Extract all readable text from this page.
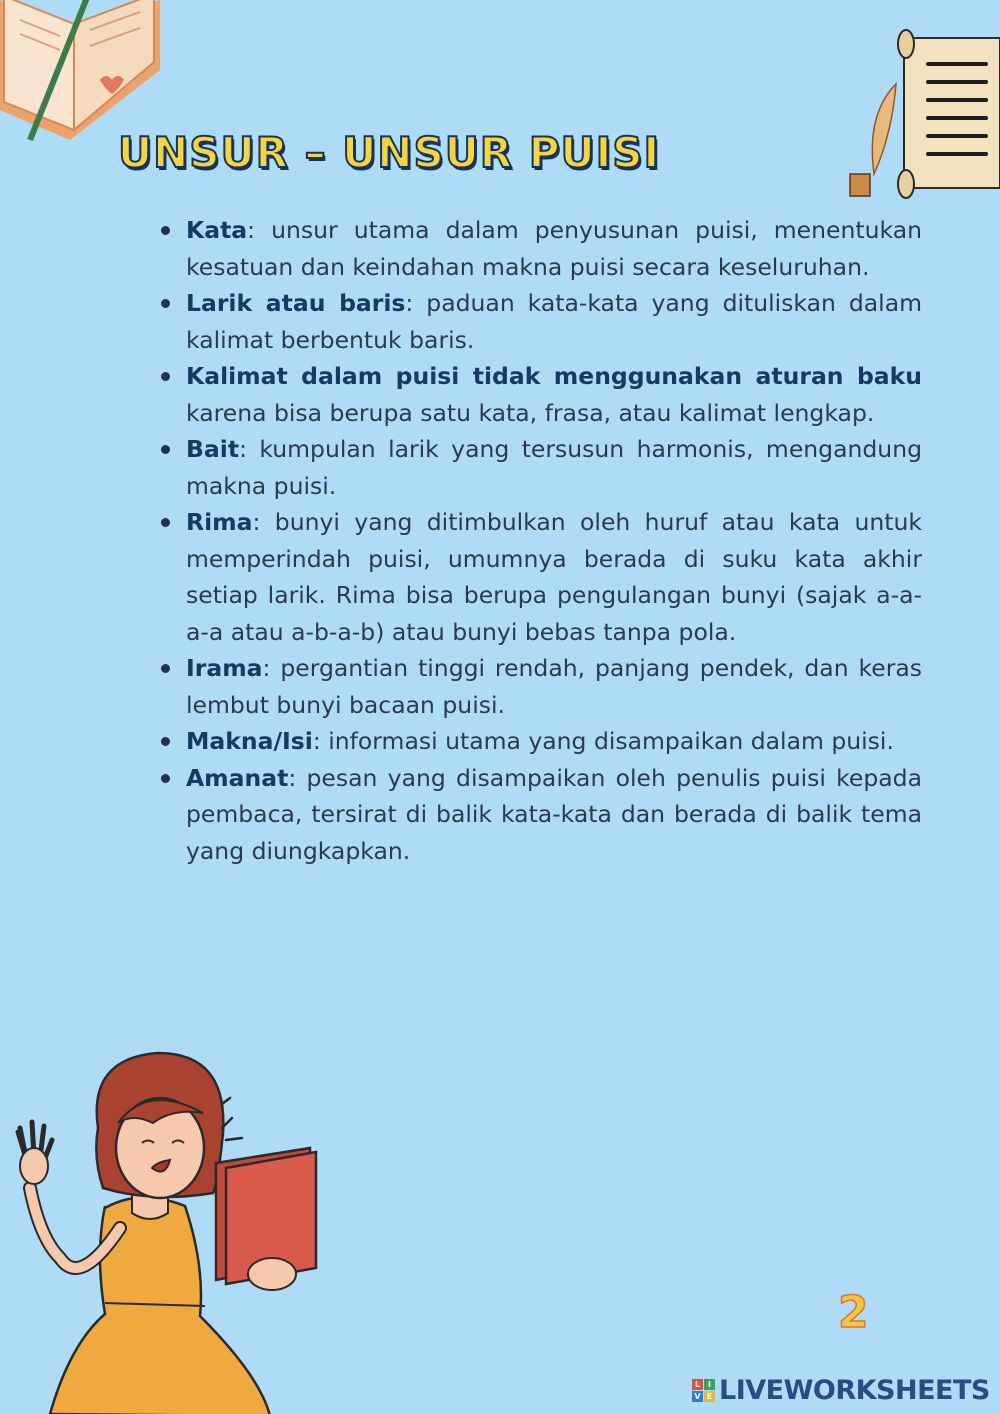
UNSUR – UNSUR PUISI
Kata: unsur utama dalam penyusunan puisi, menentukan kesatuan dan keindahan makna puisi secara keseluruhan.
Larik atau baris: paduan kata-kata yang dituliskan dalam kalimat berbentuk baris.
Kalimat dalam puisi tidak menggunakan aturan baku karena bisa berupa satu kata, frasa, atau kalimat lengkap.
Bait: kumpulan larik yang tersusun harmonis, mengandung makna puisi.
Rima: bunyi yang ditimbulkan oleh huruf atau kata untuk memperindah puisi, umumnya berada di suku kata akhir setiap larik. Rima bisa berupa pengulangan bunyi (sajak a-a-a-a atau a-b-a-b) atau bunyi bebas tanpa pola.
Irama: pergantian tinggi rendah, panjang pendek, dan keras lembut bunyi bacaan puisi.
Makna/Isi: informasi utama yang disampaikan dalam puisi.
Amanat: pesan yang disampaikan oleh penulis puisi kepada pembaca, tersirat di balik kata-kata dan berada di balik tema yang diungkapkan.
2
L I
V E LIVEWORKSHEETS
